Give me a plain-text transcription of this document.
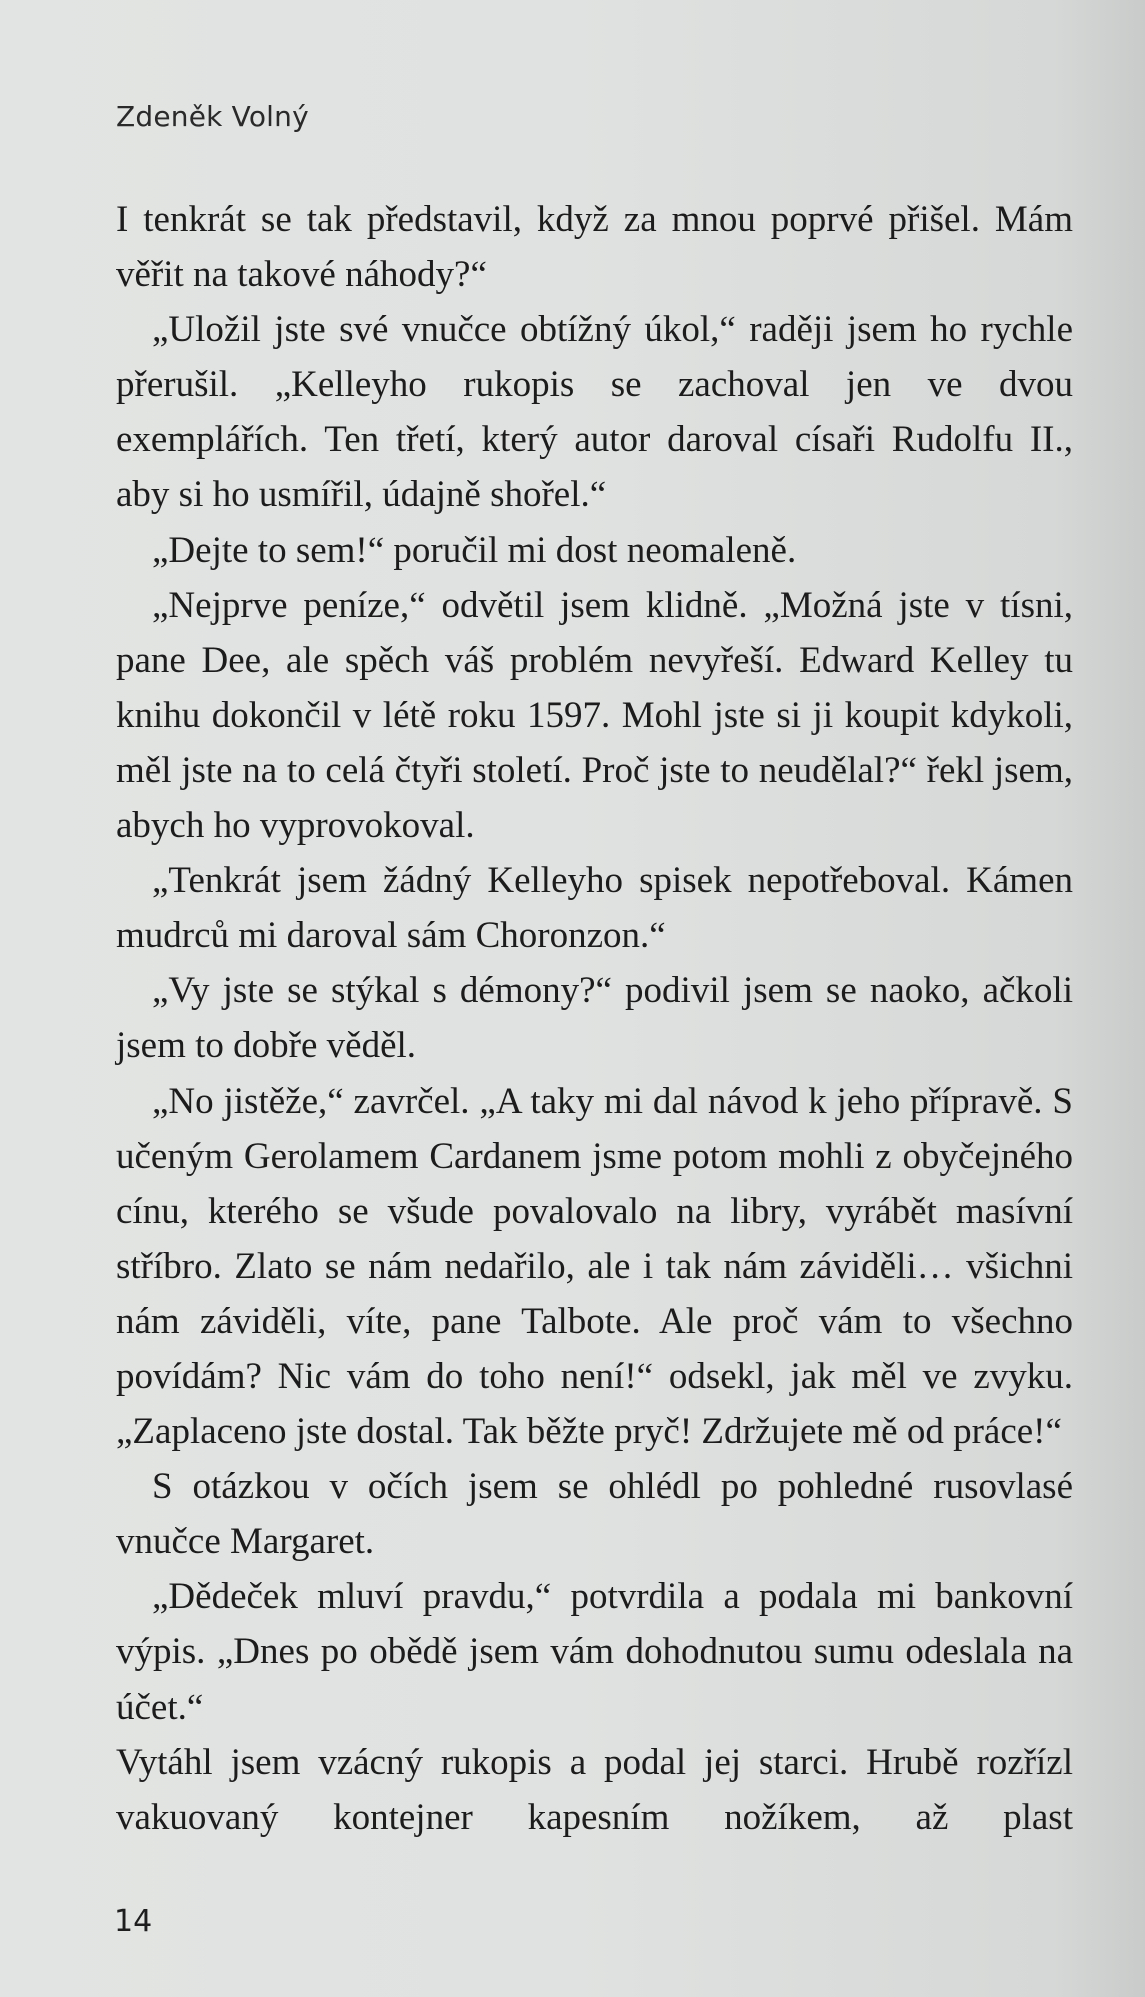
Zdeněk Volný

I tenkrát se tak představil, když za mnou poprvé přišel. Mám věřit na takové náhody?“

„Uložil jste své vnučce obtížný úkol,“ raději jsem ho rychle přerušil. „Kelleyho rukopis se zachoval jen ve dvou exemplářích. Ten třetí, který autor daroval císaři Rudolfu II., aby si ho usmířil, údajně shořel.“

„Dejte to sem!“ poručil mi dost neomaleně.

„Nejprve peníze,“ odvětil jsem klidně. „Možná jste v tísni, pane Dee, ale spěch váš problém nevyřeší. Edward Kelley tu knihu dokončil v létě roku 1597. Mohl jste si ji koupit kdykoli, měl jste na to celá čtyři století. Proč jste to neudělal?“ řekl jsem, abych ho vyprovokoval.

„Tenkrát jsem žádný Kelleyho spisek nepotřeboval. Kámen mudrců mi daroval sám Choronzon.“

„Vy jste se stýkal s démony?“ podivil jsem se naoko, ačkoli jsem to dobře věděl.

„No jistěže,“ zavrčel. „A taky mi dal návod k jeho přípravě. S učeným Gerolamem Cardanem jsme potom mohli z obyčejného cínu, kterého se všude povalovalo na libry, vyrábět masívní stříbro. Zlato se nám nedařilo, ale i tak nám záviděli… všichni nám záviděli, víte, pane Talbote. Ale proč vám to všechno povídám? Nic vám do toho není!“ odsekl, jak měl ve zvyku. „Zaplaceno jste dostal. Tak běžte pryč! Zdržujete mě od práce!“

S otázkou v očích jsem se ohlédl po pohledné rusovlasé vnučce Margaret.

„Dědeček mluví pravdu,“ potvrdila a podala mi bankovní výpis. „Dnes po obědě jsem vám dohodnutou sumu odeslala na účet.“

Vytáhl jsem vzácný rukopis a podal jej starci. Hrubě rozřízl vakuovaný kontejner kapesním nožíkem, až plast

14
